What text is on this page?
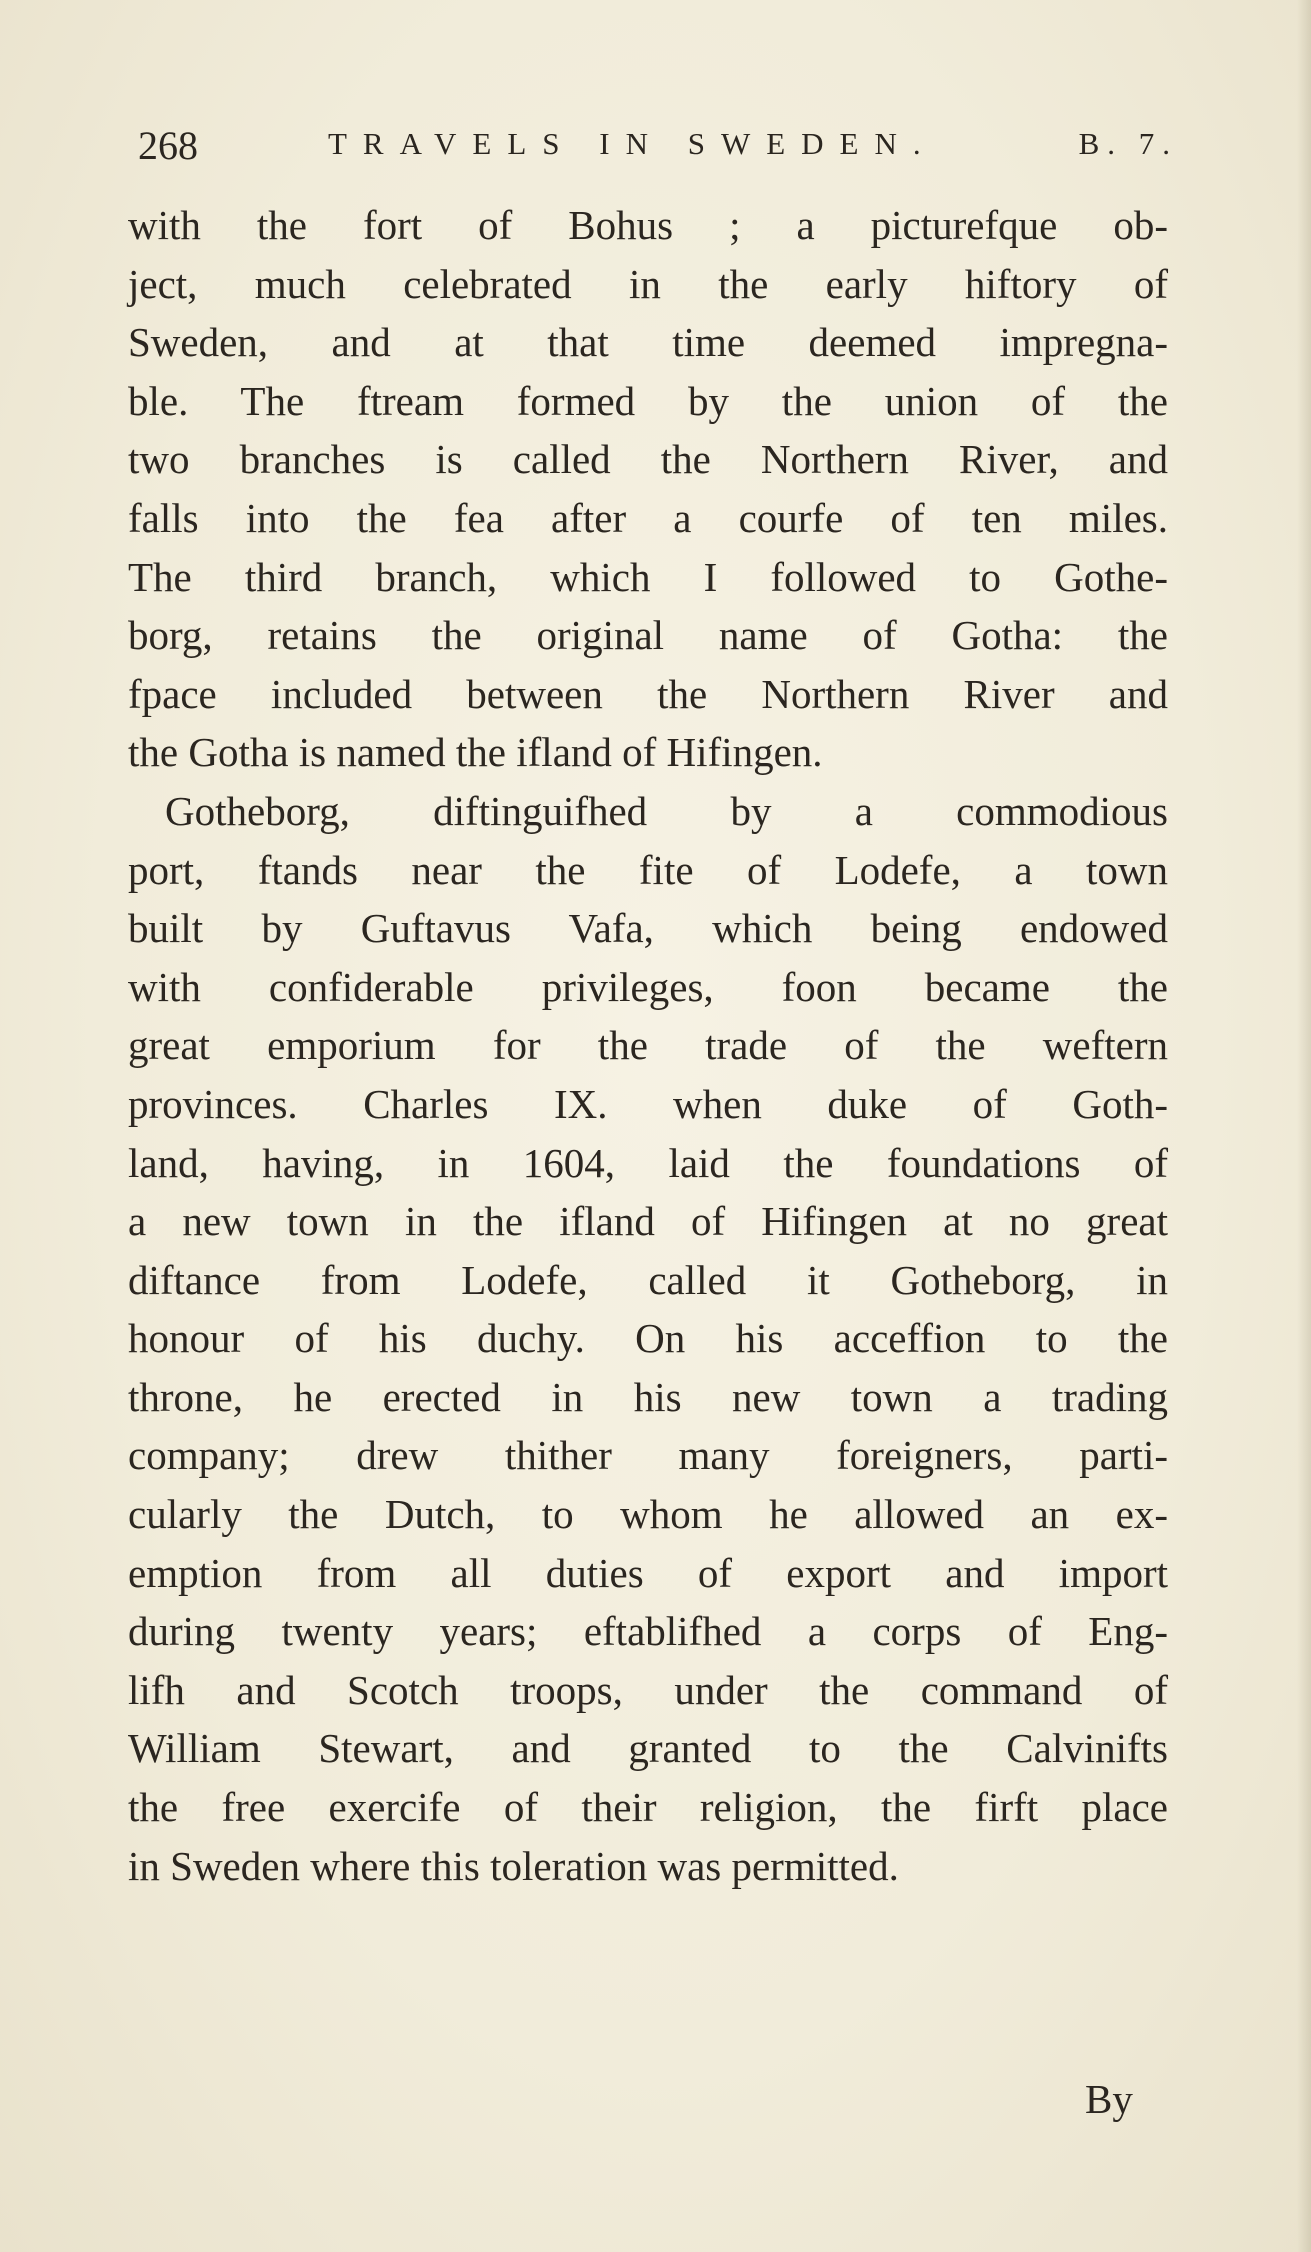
268	TRAVELS IN SWEDEN.	B. 7.
with the fort of Bohus ; a picturefque ob-
ject, much celebrated in the early hiftory of
Sweden, and at that time deemed impregna-
ble. The ftream formed by the union of the
two branches is called the Northern River, and
falls into the fea after a courfe of ten miles.
The third branch, which I followed to Gothe-
borg, retains the original name of Gotha: the
fpace included between the Northern River and
the Gotha is named the ifland of Hifingen.
Gotheborg, diftinguifhed by a commodious
port, ftands near the fite of Lodefe, a town
built by Guftavus Vafa, which being endowed
with confiderable privileges, foon became the
great emporium for the trade of the weftern
provinces. Charles IX. when duke of Goth-
land, having, in 1604, laid the foundations of
a new town in the ifland of Hifingen at no great
diftance from Lodefe, called it Gotheborg, in
honour of his duchy. On his acceffion to the
throne, he erected in his new town a trading
company; drew thither many foreigners, parti-
cularly the Dutch, to whom he allowed an ex-
emption from all duties of export and import
during twenty years; eftablifhed a corps of Eng-
lifh and Scotch troops, under the command of
William Stewart, and granted to the Calvinifts
the free exercife of their religion, the firft place
in Sweden where this toleration was permitted.
By
